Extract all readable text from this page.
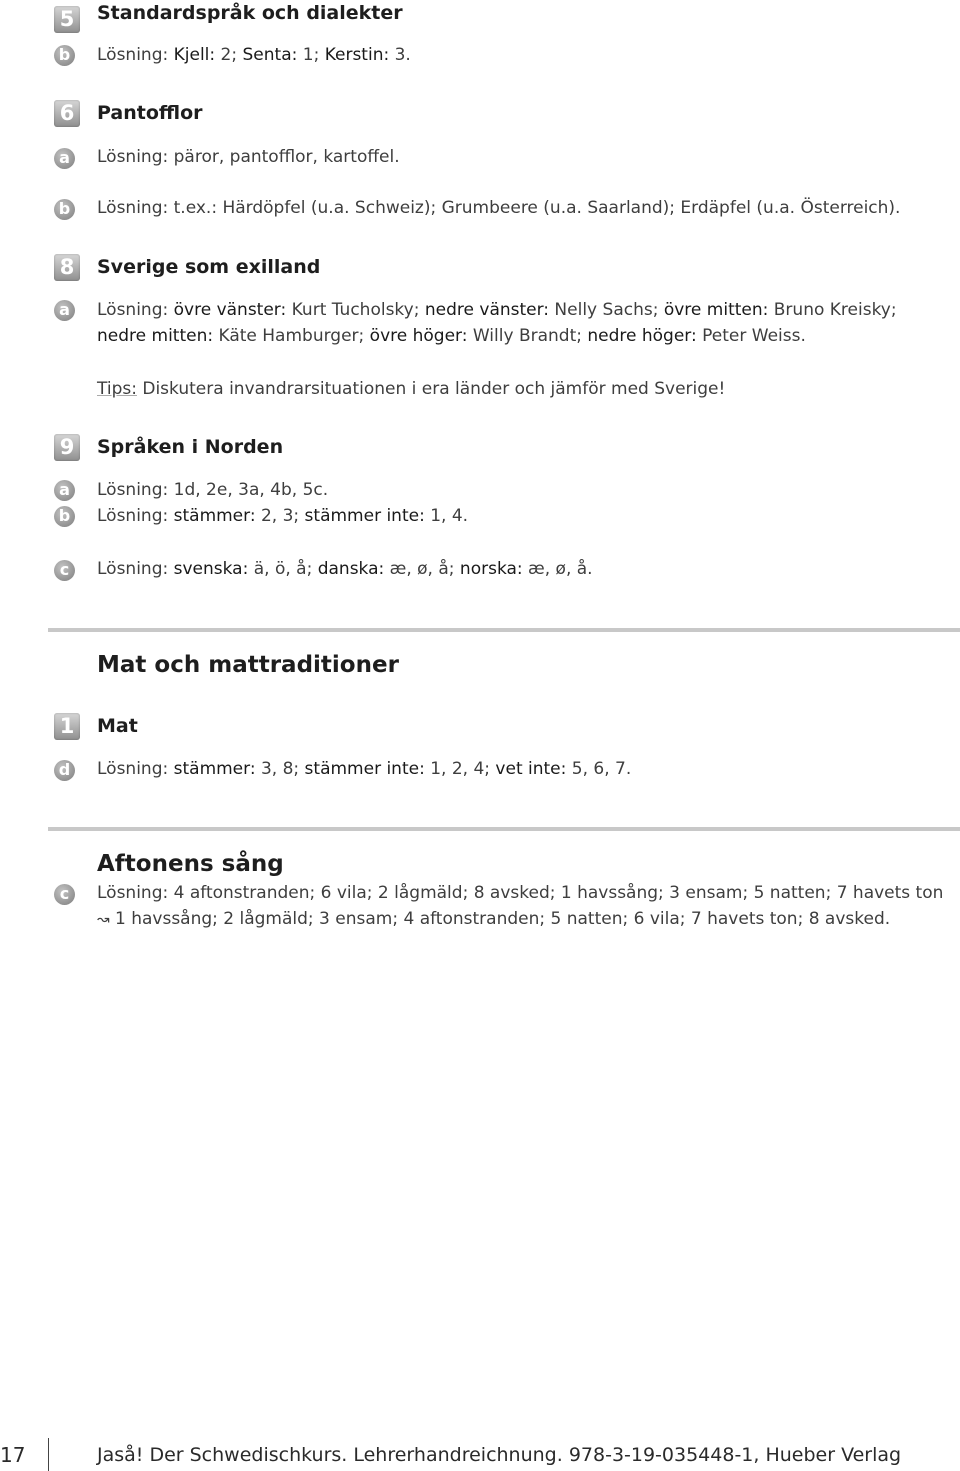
5 Standardspråk och dialekter
b Lösning: Kjell: 2; Senta: 1; Kerstin: 3.
6 Pantofflor
a	Lösning: päror, pantofflor, kartoffel.
b Lösning: t.ex.: Härdöpfel (u.a. Schweiz); Grumbeere (u.a. Saarland); Erdäpfel (u.a. Österreich).
8 Sverige som exilland
a	Lösning: övre vänster: Kurt Tucholsky; nedre vänster: Nelly Sachs; övre mitten: Bruno Kreisky;
nedre mitten: Käte Hamburger; övre höger: Willy Brandt; nedre höger: Peter Weiss.
Tips: Diskutera invandrarsituationen i era länder och jämför med Sverige!
9 Språken i Norden
a	Lösning: 1d, 2e, 3a, 4b, 5c.
b Lösning: stämmer: 2, 3; stämmer inte: 1, 4.
c	Lösning: svenska: ä, ö, å; danska: æ, ø, å; norska: æ, ø, å.
Mat och mattraditioner
1 Mat
d Lösning: stämmer: 3, 8; stämmer inte: 1, 2, 4; vet inte: 5, 6, 7.
Aftonens sång
c	Lösning: 4 aftonstranden; 6 vila; 2 lågmäld; 8 avsked; 1 havssång; 3 ensam; 5 natten; 7 havets ton
↝ 1 havssång; 2 lågmäld; 3 ensam; 4 aftonstranden; 5 natten; 6 vila; 7 havets ton; 8 avsked.
17	Jaså! Der Schwedischkurs. Lehrerhandreichnung. 978-3-19-035448-1, Hueber Verlag
